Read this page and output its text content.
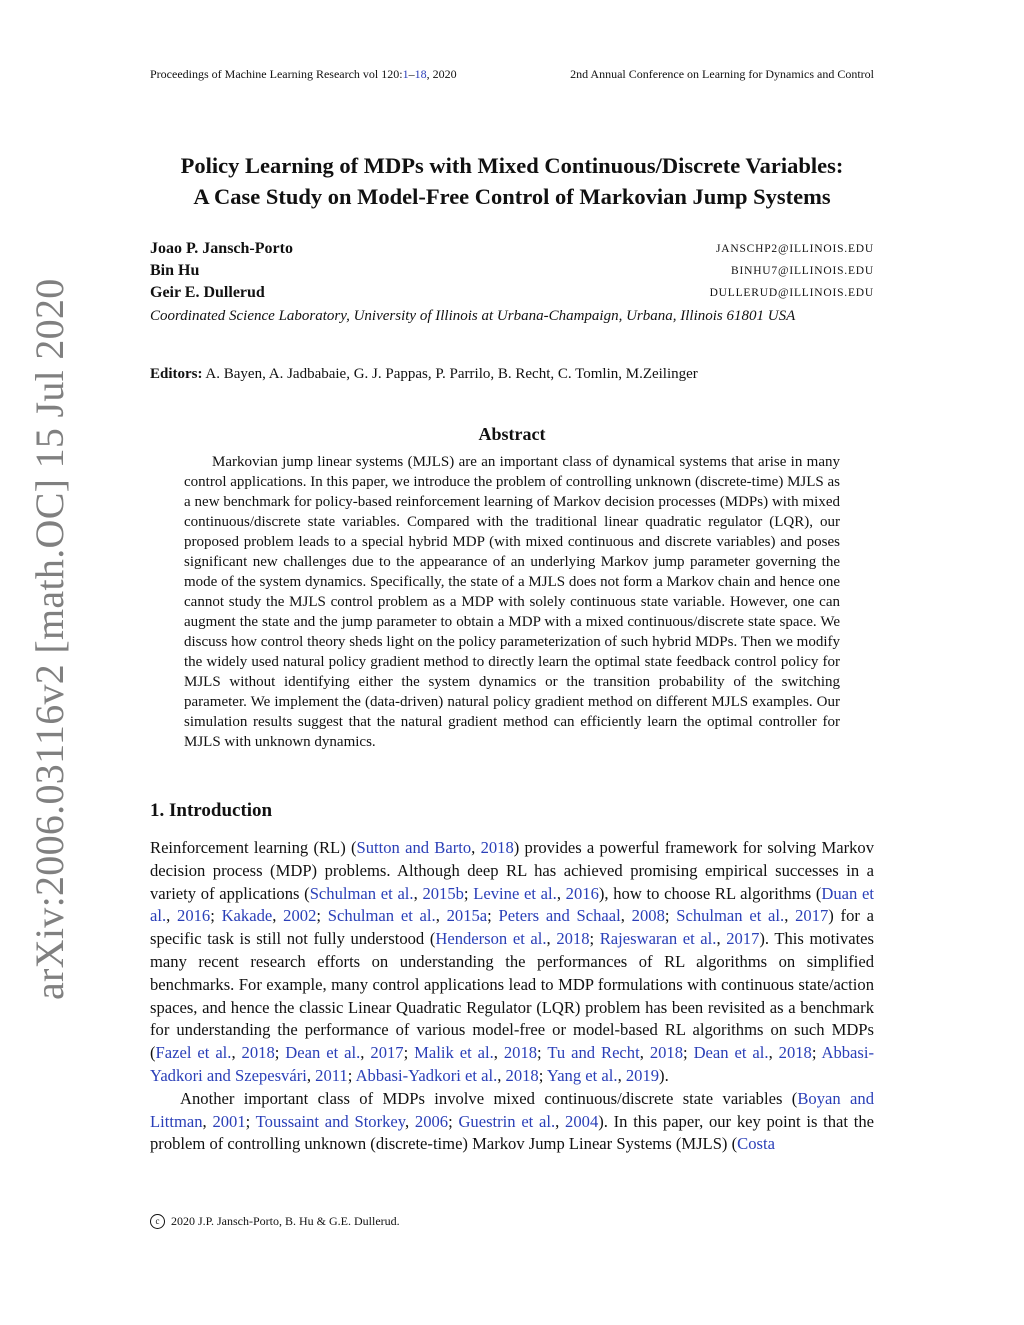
Proceedings of Machine Learning Research vol 120:1–18, 2020	2nd Annual Conference on Learning for Dynamics and Control
arXiv:2006.03116v2 [math.OC] 15 Jul 2020
Policy Learning of MDPs with Mixed Continuous/Discrete Variables:
A Case Study on Model-Free Control of Markovian Jump Systems
Joao P. Jansch-Porto	JANSCHP2@ILLINOIS.EDU
Bin Hu	BINHU7@ILLINOIS.EDU
Geir E. Dullerud	DULLERUD@ILLINOIS.EDU
Coordinated Science Laboratory, University of Illinois at Urbana-Champaign, Urbana, Illinois 61801 USA
Editors: A. Bayen, A. Jadbabaie, G. J. Pappas, P. Parrilo, B. Recht, C. Tomlin, M.Zeilinger
Abstract

Markovian jump linear systems (MJLS) are an important class of dynamical systems that arise in many control applications. In this paper, we introduce the problem of controlling unknown (discrete-time) MJLS as a new benchmark for policy-based reinforcement learning of Markov decision processes (MDPs) with mixed continuous/discrete state variables. Compared with the traditional linear quadratic regulator (LQR), our proposed problem leads to a special hybrid MDP (with mixed continuous and discrete variables) and poses significant new challenges due to the appearance of an underlying Markov jump parameter governing the mode of the system dynamics. Specifically, the state of a MJLS does not form a Markov chain and hence one cannot study the MJLS control problem as a MDP with solely continuous state variable. However, one can augment the state and the jump parameter to obtain a MDP with a mixed continuous/discrete state space. We discuss how control theory sheds light on the policy parameterization of such hybrid MDPs. Then we modify the widely used natural policy gradient method to directly learn the optimal state feedback control policy for MJLS without identifying either the system dynamics or the transition probability of the switching parameter. We implement the (data-driven) natural policy gradient method on different MJLS examples. Our simulation results suggest that the natural gradient method can efficiently learn the optimal controller for MJLS with unknown dynamics.

1. Introduction

Reinforcement learning (RL) (Sutton and Barto, 2018) provides a powerful framework for solving Markov decision process (MDP) problems. Although deep RL has achieved promising empirical successes in a variety of applications (Schulman et al., 2015b; Levine et al., 2016), how to choose RL algorithms (Duan et al., 2016; Kakade, 2002; Schulman et al., 2015a; Peters and Schaal, 2008; Schulman et al., 2017) for a specific task is still not fully understood (Henderson et al., 2018; Rajeswaran et al., 2017). This motivates many recent research efforts on understanding the performances of RL algorithms on simplified benchmarks. For example, many control applications lead to MDP formulations with continuous state/action spaces, and hence the classic Linear Quadratic Regulator (LQR) problem has been revisited as a benchmark for understanding the performance of various model-free or model-based RL algorithms on such MDPs (Fazel et al., 2018; Dean et al., 2017; Malik et al., 2018; Tu and Recht, 2018; Dean et al., 2018; Abbasi-Yadkori and Szepesvári, 2011; Abbasi-Yadkori et al., 2018; Yang et al., 2019).

Another important class of MDPs involve mixed continuous/discrete state variables (Boyan and Littman, 2001; Toussaint and Storkey, 2006; Guestrin et al., 2004). In this paper, our key point is that the problem of controlling unknown (discrete-time) Markov Jump Linear Systems (MJLS) (Costa

c 2020 J.P. Jansch-Porto, B. Hu & G.E. Dullerud.
